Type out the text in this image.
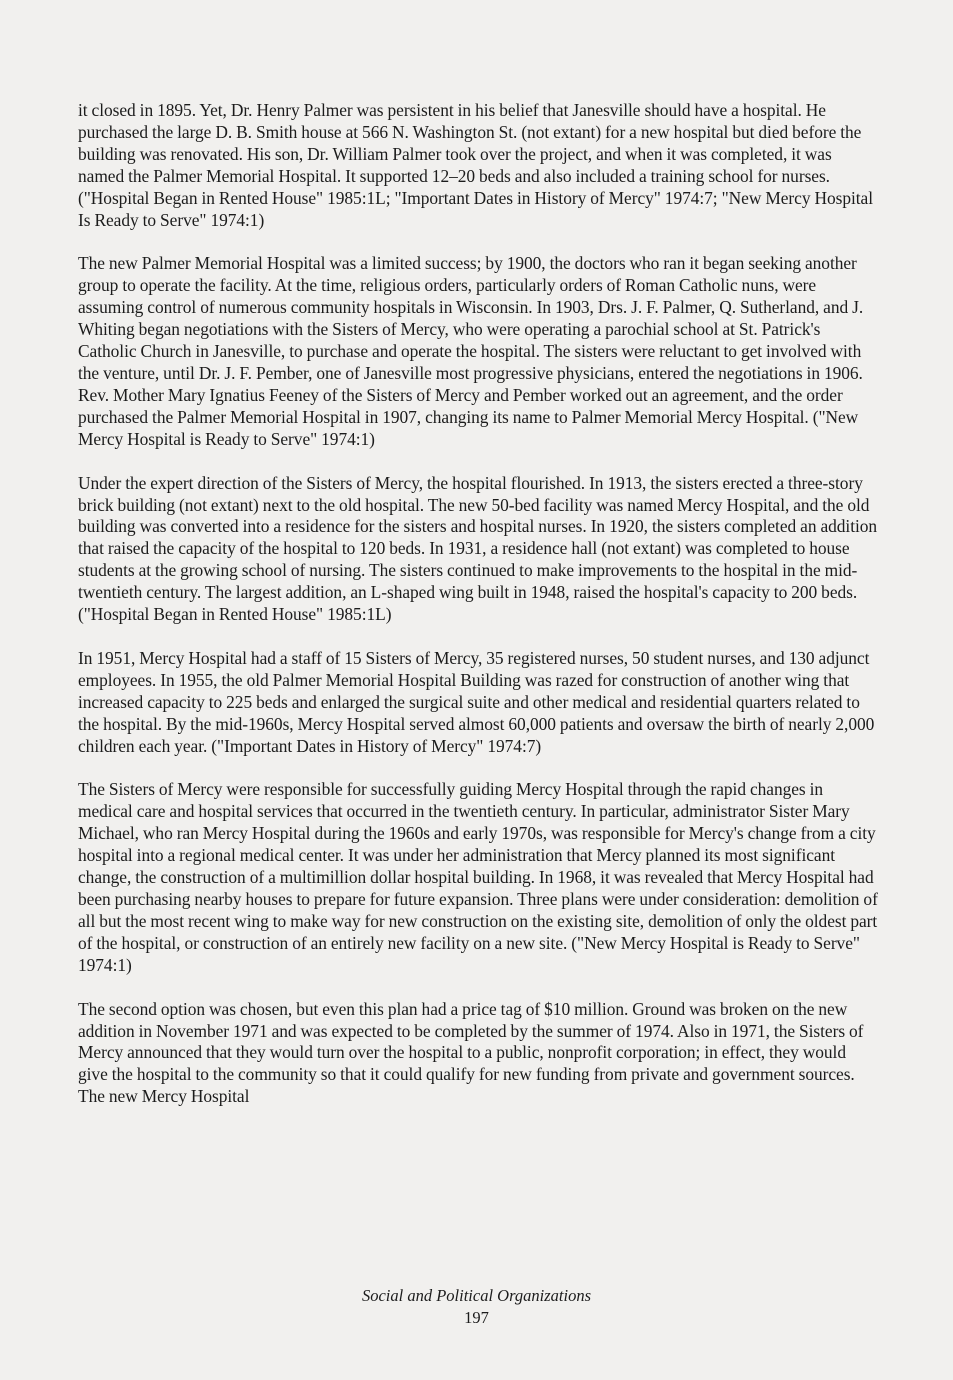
it closed in 1895. Yet, Dr. Henry Palmer was persistent in his belief that Janesville should have a hospital. He purchased the large D. B. Smith house at 566 N. Washington St. (not extant) for a new hospital but died before the building was renovated. His son, Dr. William Palmer took over the project, and when it was completed, it was named the Palmer Memorial Hospital. It supported 12–20 beds and also included a training school for nurses. ("Hospital Began in Rented House" 1985:1L; "Important Dates in History of Mercy" 1974:7; "New Mercy Hospital Is Ready to Serve" 1974:1)

The new Palmer Memorial Hospital was a limited success; by 1900, the doctors who ran it began seeking another group to operate the facility. At the time, religious orders, particularly orders of Roman Catholic nuns, were assuming control of numerous community hospitals in Wisconsin. In 1903, Drs. J. F. Palmer, Q. Sutherland, and J. Whiting began negotiations with the Sisters of Mercy, who were operating a parochial school at St. Patrick's Catholic Church in Janesville, to purchase and operate the hospital. The sisters were reluctant to get involved with the venture, until Dr. J. F. Pember, one of Janesville most progressive physicians, entered the negotiations in 1906. Rev. Mother Mary Ignatius Feeney of the Sisters of Mercy and Pember worked out an agreement, and the order purchased the Palmer Memorial Hospital in 1907, changing its name to Palmer Memorial Mercy Hospital. ("New Mercy Hospital is Ready to Serve" 1974:1)

Under the expert direction of the Sisters of Mercy, the hospital flourished. In 1913, the sisters erected a three-story brick building (not extant) next to the old hospital. The new 50-bed facility was named Mercy Hospital, and the old building was converted into a residence for the sisters and hospital nurses. In 1920, the sisters completed an addition that raised the capacity of the hospital to 120 beds. In 1931, a residence hall (not extant) was completed to house students at the growing school of nursing. The sisters continued to make improvements to the hospital in the mid-twentieth century. The largest addition, an L-shaped wing built in 1948, raised the hospital's capacity to 200 beds. ("Hospital Began in Rented House" 1985:1L)

In 1951, Mercy Hospital had a staff of 15 Sisters of Mercy, 35 registered nurses, 50 student nurses, and 130 adjunct employees. In 1955, the old Palmer Memorial Hospital Building was razed for construction of another wing that increased capacity to 225 beds and enlarged the surgical suite and other medical and residential quarters related to the hospital. By the mid-1960s, Mercy Hospital served almost 60,000 patients and oversaw the birth of nearly 2,000 children each year. ("Important Dates in History of Mercy" 1974:7)

The Sisters of Mercy were responsible for successfully guiding Mercy Hospital through the rapid changes in medical care and hospital services that occurred in the twentieth century. In particular, administrator Sister Mary Michael, who ran Mercy Hospital during the 1960s and early 1970s, was responsible for Mercy's change from a city hospital into a regional medical center. It was under her administration that Mercy planned its most significant change, the construction of a multimillion dollar hospital building. In 1968, it was revealed that Mercy Hospital had been purchasing nearby houses to prepare for future expansion. Three plans were under consideration: demolition of all but the most recent wing to make way for new construction on the existing site, demolition of only the oldest part of the hospital, or construction of an entirely new facility on a new site. ("New Mercy Hospital is Ready to Serve" 1974:1)

The second option was chosen, but even this plan had a price tag of $10 million. Ground was broken on the new addition in November 1971 and was expected to be completed by the summer of 1974. Also in 1971, the Sisters of Mercy announced that they would turn over the hospital to a public, nonprofit corporation; in effect, they would give the hospital to the community so that it could qualify for new funding from private and government sources. The new Mercy Hospital

Social and Political Organizations
197
